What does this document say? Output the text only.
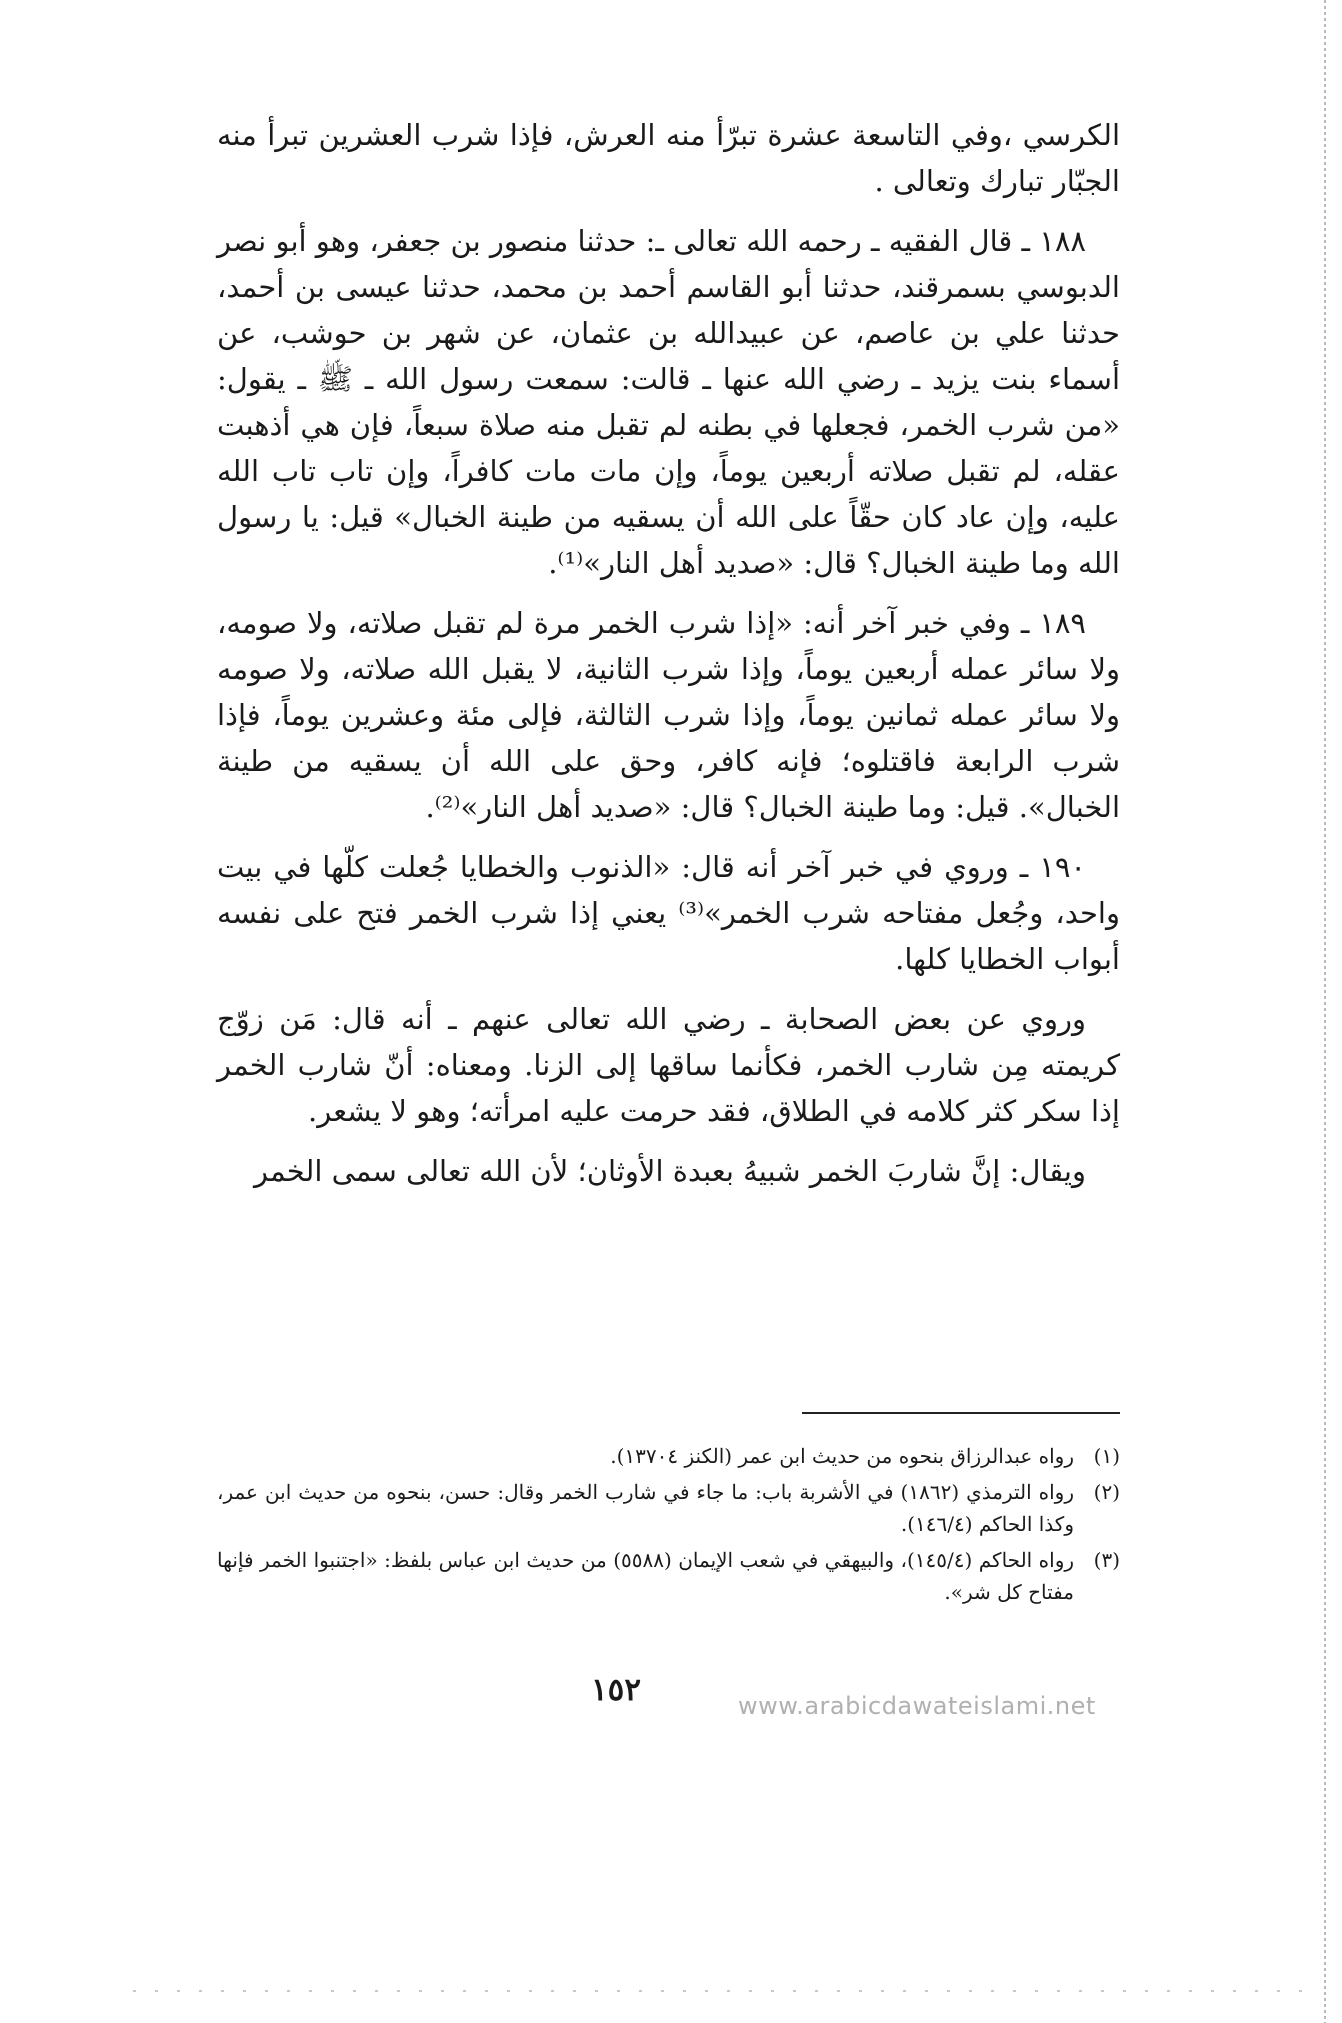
الكرسي ،وفي التاسعة عشرة تبرّأ منه العرش، فإذا شرب العشرين تبرأ منه الجبّار تبارك وتعالى .

١٨٨ ـ قال الفقيه ـ رحمه الله تعالى ـ: حدثنا منصور بن جعفر، وهو أبو نصر الدبوسي بسمرقند، حدثنا أبو القاسم أحمد بن محمد، حدثنا عيسى بن أحمد، حدثنا علي بن عاصم، عن عبيدالله بن عثمان، عن شهر بن حوشب، عن أسماء بنت يزيد ـ رضي الله عنها ـ قالت: سمعت رسول الله ـ ﷺ ـ يقول: «من شرب الخمر، فجعلها في بطنه لم تقبل منه صلاة سبعاً، فإن هي أذهبت عقله، لم تقبل صلاته أربعين يوماً، وإن مات مات كافراً، وإن تاب تاب الله عليه، وإن عاد كان حقّاً على الله أن يسقيه من طينة الخبال» قيل: يا رسول الله وما طينة الخبال؟ قال: «صديد أهل النار»⁽¹⁾.

١٨٩ ـ وفي خبر آخر أنه: «إذا شرب الخمر مرة لم تقبل صلاته، ولا صومه، ولا سائر عمله أربعين يوماً، وإذا شرب الثانية، لا يقبل الله صلاته، ولا صومه ولا سائر عمله ثمانين يوماً، وإذا شرب الثالثة، فإلى مئة وعشرين يوماً، فإذا شرب الرابعة فاقتلوه؛ فإنه كافر، وحق على الله أن يسقيه من طينة الخبال». قيل: وما طينة الخبال؟ قال: «صديد أهل النار»⁽²⁾.

١٩٠ ـ وروي في خبر آخر أنه قال: «الذنوب والخطايا جُعلت كلّها في بيت واحد، وجُعل مفتاحه شرب الخمر»⁽³⁾ يعني إذا شرب الخمر فتح على نفسه أبواب الخطايا كلها.

وروي عن بعض الصحابة ـ رضي الله تعالى عنهم ـ أنه قال: مَن زوّج كريمته مِن شارب الخمر، فكأنما ساقها إلى الزنا. ومعناه: أنّ شارب الخمر إذا سكر كثر كلامه في الطلاق، فقد حرمت عليه امرأته؛ وهو لا يشعر.

ويقال: إنَّ شاربَ الخمر شبيهُ بعبدة الأوثان؛ لأن الله تعالى سمى الخمر

(١)
رواه عبدالرزاق بنحوه من حديث ابن عمر (الكنز ١٣٧٠٤).
(٢)
رواه الترمذي (١٨٦٢) في الأشربة باب: ما جاء في شارب الخمر وقال: حسن، بنحوه من حديث ابن عمر، وكذا الحاكم (١٤٦/٤).
(٣)
رواه الحاكم (١٤٥/٤)، والبيهقي في شعب الإيمان (٥٥٨٨) من حديث ابن عباس بلفظ: «اجتنبوا الخمر فإنها مفتاح كل شر».
١٥٢	www.arabicdawateislami.net
